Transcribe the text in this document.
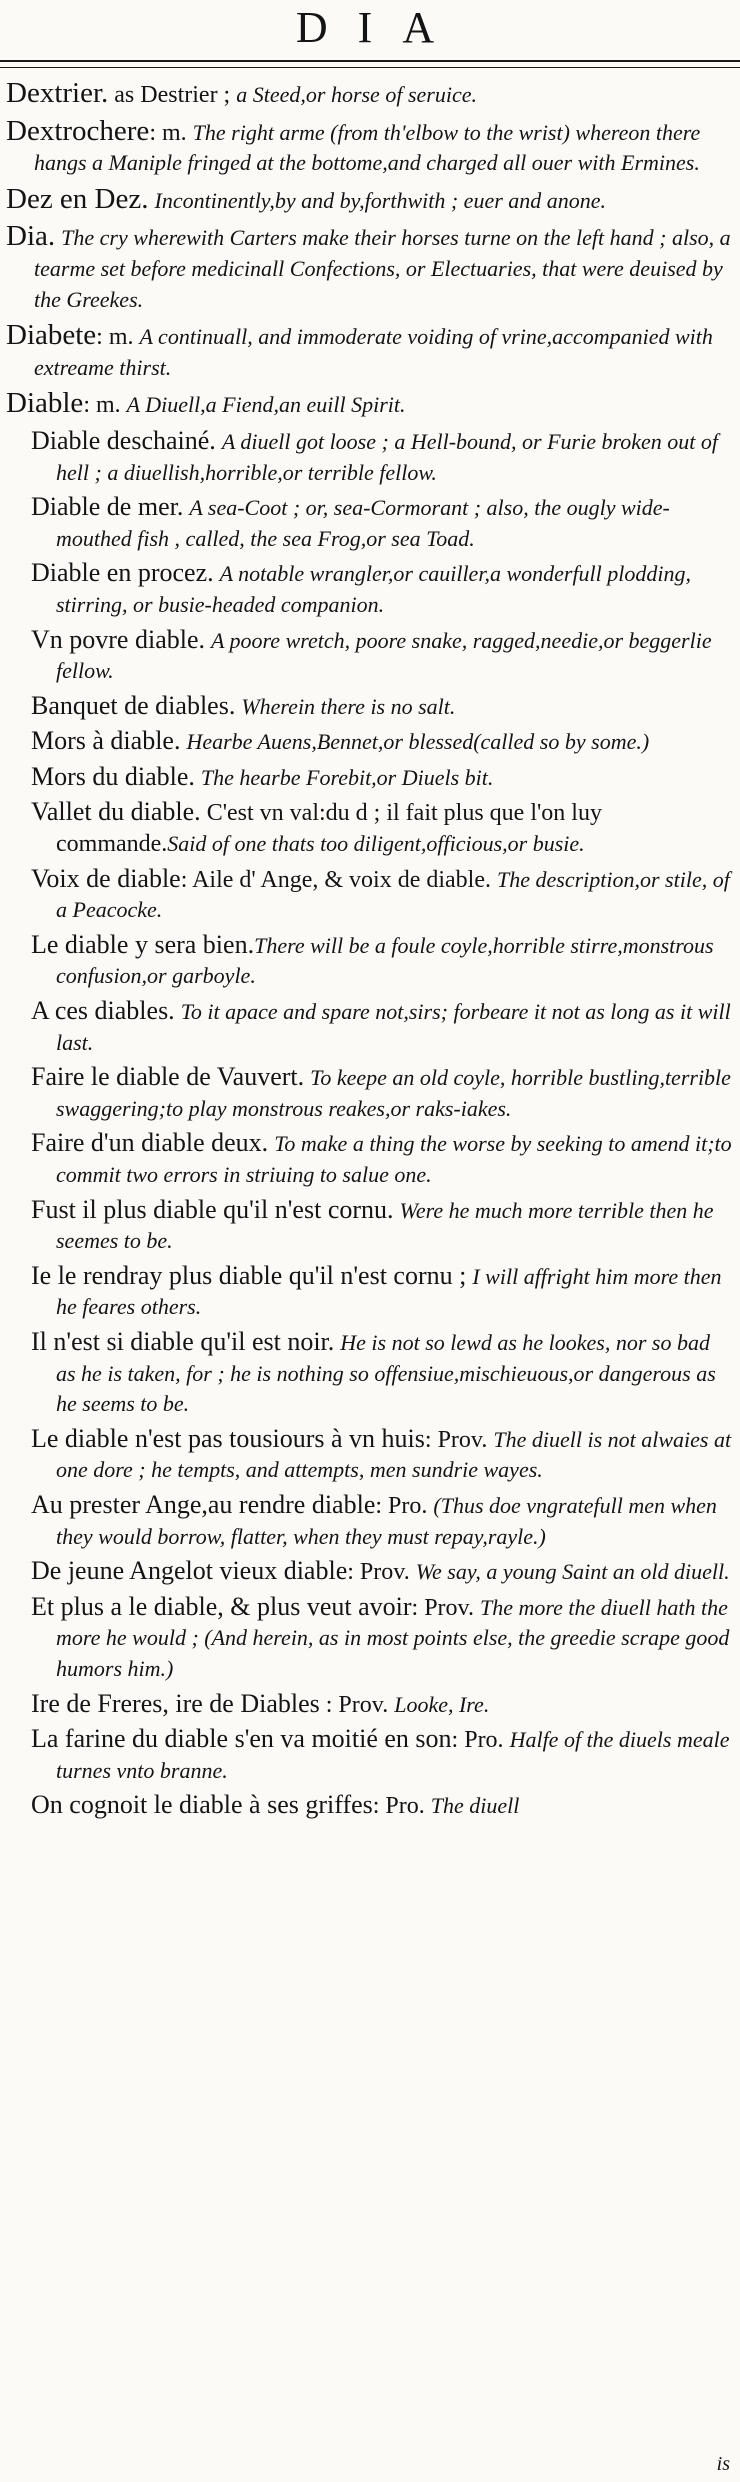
DIA
Dextrier. as Destrier ; a Steed,or horse of seruice.
Dextrochere: m. The right arme (from th'elbow to the wrist) whereon there hangs a Maniple fringed at the bottome,and charged all ouer with Ermines.
Dez en Dez. Incontinently,by and by,forthwith ; euer and anone.
Dia. The cry wherewith Carters make their horses turne on the left hand ; also, a tearme set before medicinall Confections, or Electuaries, that were deuised by the Greekes.
Diabete: m. A continuall, and immoderate voiding of vrine,accompanied with extreame thirst.
Diable: m. A Diuell,a Fiend,an euill Spirit.
Diable deschainé. A diuell got loose ; a Hell-bound, or Furie broken out of hell ; a diuellish,horrible,or terrible fellow.
Diable de mer. A sea-Coot ; or, sea-Cormorant ; also, the ougly wide-mouthed fish , called, the sea Frog,or sea Toad.
Diable en procez. A notable wrangler,or cauiller,a wonderfull plodding, stirring, or busie-headed companion.
Vn povre diable. A poore wretch, poore snake, ragged,needie,or beggerlie fellow.
Banquet de diables. Wherein there is no salt.
Mors à diable. Hearbe Auens,Bennet,or blessed(called so by some.)
Mors du diable. The hearbe Forebit,or Diuels bit.
Vallet du diable. C'est vn val:du d ; il fait plus que l'on luy commande.Said of one thats too diligent,officious,or busie.
Voix de diable: Aile d' Ange, & voix de diable. The description,or stile, of a Peacocke.
Le diable y sera bien.There will be a foule coyle,horrible stirre,monstrous confusion,or garboyle.
A ces diables. To it apace and spare not,sirs; forbeare it not as long as it will last.
Faire le diable de Vauvert. To keepe an old coyle, horrible bustling,terrible swaggering;to play monstrous reakes,or raks-iakes.
Faire d'un diable deux. To make a thing the worse by seeking to amend it;to commit two errors in striuing to salue one.
Fust il plus diable qu'il n'est cornu. Were he much more terrible then he seemes to be.
Ie le rendray plus diable qu'il n'est cornu ; I will affright him more then he feares others.
Il n'est si diable qu'il est noir. He is not so lewd as he lookes, nor so bad as he is taken, for ; he is nothing so offensiue,mischieuous,or dangerous as he seems to be.
Le diable n'est pas tousiours à vn huis: Prov. The diuell is not alwaies at one dore ; he tempts, and attempts, men sundrie wayes.
Au prester Ange,au rendre diable: Pro. (Thus doe vngratefull men when they would borrow, flatter, when they must repay,rayle.)
De jeune Angelot vieux diable: Prov. We say, a young Saint an old diuell.
Et plus a le diable, & plus veut avoir: Prov. The more the diuell hath the more he would ; (And herein, as in most points else, the greedie scrape good humors him.)
Ire de Freres, ire de Diables : Prov. Looke, Ire.
La farine du diable s'en va moitié en son: Pro. Halfe of the diuels meale turnes vnto branne.
On cognoit le diable à ses griffes: Pro. The diuell
is
